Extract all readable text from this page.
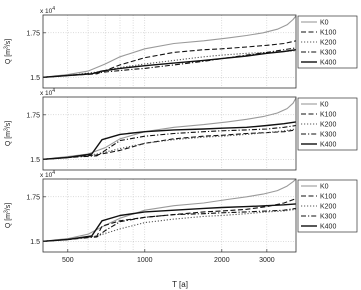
T [a]
1.5
1.75
x $10^4$
Q $[m^3/s]$
K0
K100
K200
K300
K400
1.5
1.75
x $10^4$
Q $[m^3/s]$
K0
K100
K200
K300
K400
1.5
1.75
x $10^4$
Q $[m^3/s]$
500	1000	2000	3000
K0
K100
K200
K300
K400
